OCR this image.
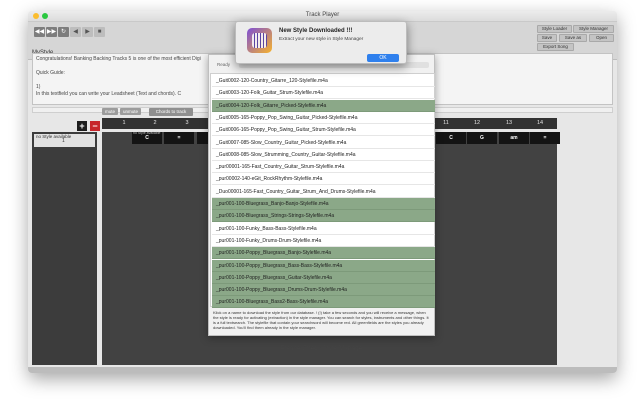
Track Player
◀◀ ▶▶ ↻	◀	▶	■
Style Loader	Style Manager
Save	Save as	Open
Export Song
Congratulations! Banking Backing Tracks 5 is one of the most efficient Digi
Quick Guide:
1)
In this textfield you can write your Leadsheet (Text and chords). C
mute	unmute	Chords to track
+ −	1	2	3	11	12	13	14
no Style available
1
no Style available
C	=	C	G	am	=
Please Check Style Manager
Ready
_Guit0002-120-Country_Gitarre_120-Stylefile.m4a
_Guit0003-120-Folk_Guitar_Strum-Stylefile.m4a
_Guit0004-120-Folk_Gitarre_Picked-Stylefile.m4a
_Guit0005-165-Poppy_Pop_Swing_Guitar_Picked-Stylefile.m4a
_Guit0006-165-Poppy_Pop_Swing_Guitar_Strum-Stylefile.m4a
_Guit0007-085-Slow_Country_Guitar_Picked-Stylefile.m4a
_Guit0008-085-Slow_Strumming_Country_Guitar-Stylefile.m4a
_pur00001-165-Fast_Country_Guitar_Strum-Stylefile.m4a
_pur00002-140-eGit_RockRhythm-Stylefile.m4a
_Duo00001-165-Fast_Country_Guitar_Strum_And_Drums-Stylefile.m4a
_pur001-100-Bluegrass_Banjo-Banjo-Stylefile.m4a
_pur001-100-Bluegrass_Strings-Strings-Stylefile.m4a
_pur001-100-Funky_Bass-Bass-Stylefile.m4a
_pur001-100-Funky_Drums-Drum-Stylefile.m4a
_pur001-100-Poppy_Bluegrass_Banjo-Stylefile.m4a
_pur001-100-Poppy_Bluegrass_Bass-Bass-Stylefile.m4a
_pur001-100-Poppy_Bluegrass_Guitar-Stylefile.m4a
_pur001-100-Poppy_Bluegrass_Drums-Drum-Stylefile.m4a
_pur001-100-Bluegrass_Bass2-Bass-Stylefile.m4a
Klick on a name to download the style from our database. ! (!) take a few seconds and you will receive a message, when the style is ready for activating (extraction) in the style manager. You can search for styles, instruments and other things. It is a full textsearch. The stylefile that contain your searchword will become red. All greenfields are the styles you already downloaded. You'll find them already in the style manager.
New Style Downloaded !!!
Extract your new style in Style Manager
OK
